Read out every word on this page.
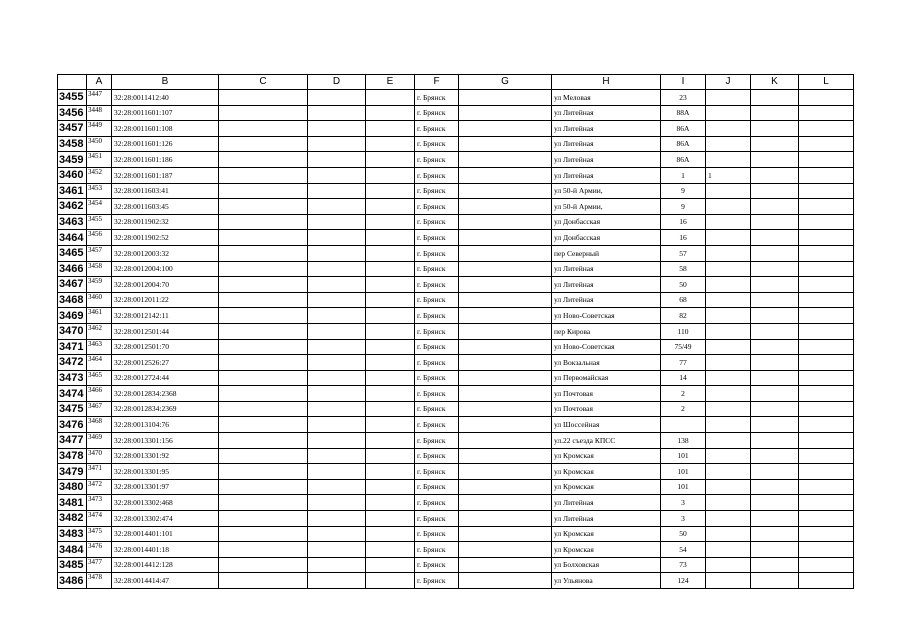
	A	B	C	D	E	F	G	H	I	J	K	L
3455	3447	32:28:0011412:40				г. Брянск		ул Меловая	23			
3456	3448	32:28:0011601:107				г. Брянск		ул Литейная	88А			
3457	3449	32:28:0011601:108				г. Брянск		ул Литейная	86А			
3458	3450	32:28:0011601:126				г. Брянск		ул Литейная	86А			
3459	3451	32:28:0011601:186				г. Брянск		ул Литейная	86А			
3460	3452	32:28:0011601:187				г. Брянск		ул Литейная	1	1		
3461	3453	32:28:0011603:41				г. Брянск		ул 50-й Армии,	9			
3462	3454	32:28:0011603:45				г. Брянск		ул 50-й Армии,	9			
3463	3455	32:28:0011902:32				г. Брянск		ул Донбасская	16			
3464	3456	32:28:0011902:52				г. Брянск		ул Донбасская	16			
3465	3457	32:28:0012003:32				г. Брянск		пер Северный	57			
3466	3458	32:28:0012004:100				г. Брянск		ул Литейная	58			
3467	3459	32:28:0012004:70				г. Брянск		ул Литейная	50			
3468	3460	32:28:0012011:22				г. Брянск		ул Литейная	68			
3469	3461	32:28:0012142:11				г. Брянск		ул Ново-Советская	82			
3470	3462	32:28:0012501:44				г. Брянск		пер Кирова	110			
3471	3463	32:28:0012501:70				г. Брянск		ул Ново-Советская	75/49			
3472	3464	32:28:0012526:27				г. Брянск		ул Вокзальная	77			
3473	3465	32:28:0012724:44				г. Брянск		ул Первомайская	14			
3474	3466	32:28:0012834:2368				г. Брянск		ул Почтовая	2			
3475	3467	32:28:0012834:2369				г. Брянск		ул Почтовая	2			
3476	3468	32:28:0013104:76				г. Брянск		ул Шоссейная				
3477	3469	32:28:0013301:156				г. Брянск		ул.22 съезда КПСС	138			
3478	3470	32:28:0013301:92				г. Брянск		ул Кромская	101			
3479	3471	32:28:0013301:95				г. Брянск		ул Кромская	101			
3480	3472	32:28:0013301:97				г. Брянск		ул Кромская	101			
3481	3473	32:28:0013302:468				г. Брянск		ул Литейная	3			
3482	3474	32:28:0013302:474				г. Брянск		ул Литейная	3			
3483	3475	32:28:0014401:101				г. Брянск		ул Кромская	50			
3484	3476	32:28:0014401:18				г. Брянск		ул Кромская	54			
3485	3477	32:28:0014412:128				г. Брянск		ул Болховская	73			
3486	3478	32:28:0014414:47				г. Брянск		ул Ульянова	124			
